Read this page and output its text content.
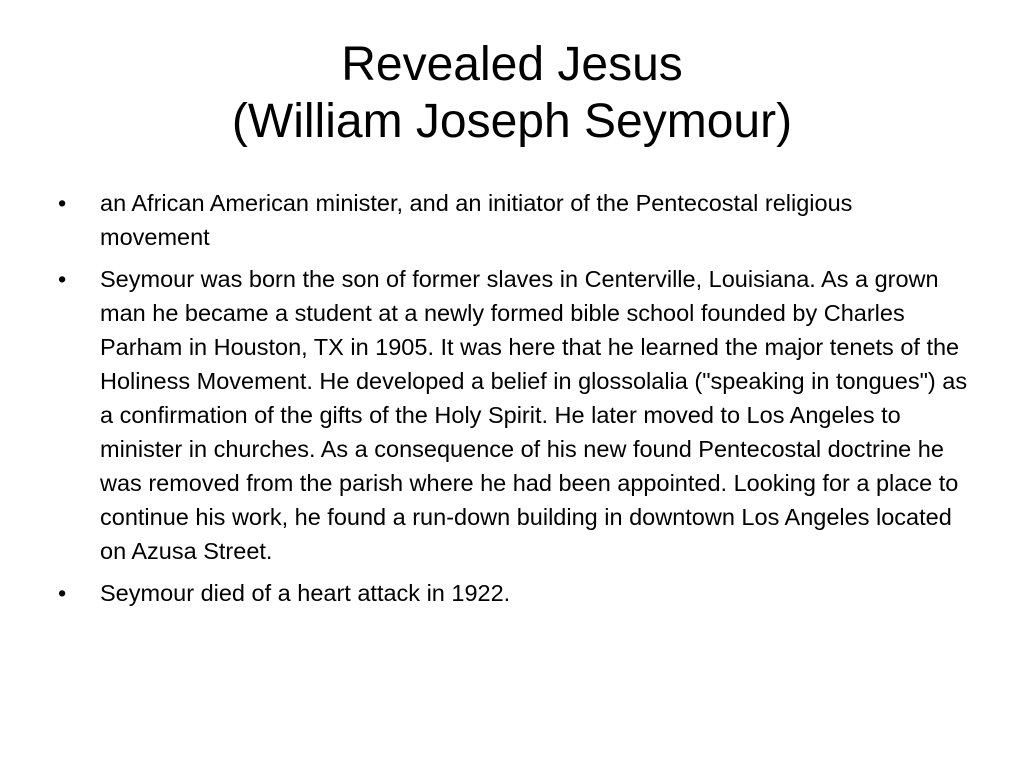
Revealed Jesus
(William Joseph Seymour)
•	an African American minister, and an initiator of the Pentecostal religious movement
•	Seymour was born the son of former slaves in Centerville, Louisiana. As a grown man he became a student at a newly formed bible school founded by Charles Parham in Houston, TX in 1905. It was here that he learned the major tenets of the Holiness Movement. He developed a belief in glossolalia ("speaking in tongues") as a confirmation of the gifts of the Holy Spirit. He later moved to Los Angeles to minister in churches. As a consequence of his new found Pentecostal doctrine he was removed from the parish where he had been appointed. Looking for a place to continue his work, he found a run-down building in downtown Los Angeles located on Azusa Street.
•	Seymour died of a heart attack in 1922.
